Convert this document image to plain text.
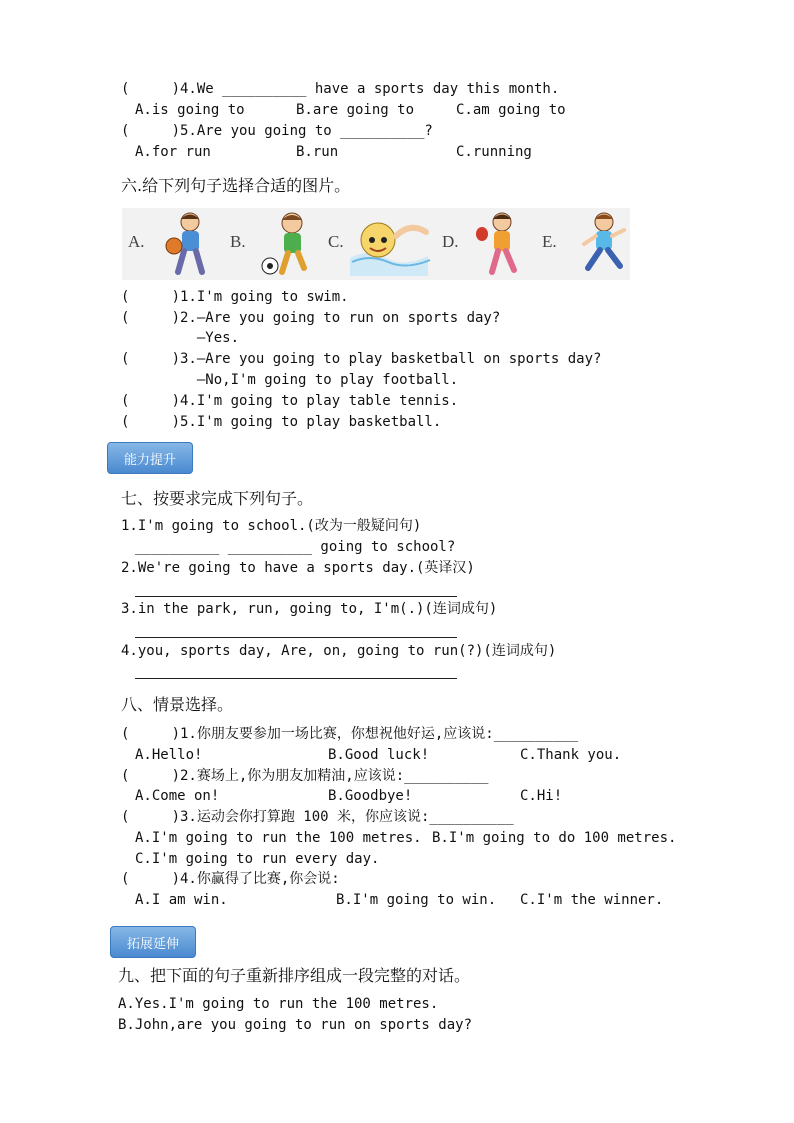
(     )4.We __________ have a sports day this month.
A.is going to	B.are going to	C.am going to
(     )5.Are you going to __________?
A.for run	B.run	C.running
六.给下列句子选择合适的图片。
A.	B.	C.	D.	E.
(     )1.I'm going to swim.
(     )2.—Are you going to run on sports day?
—Yes.
(     )3.—Are you going to play basketball on sports day?
—No,I'm going to play football.
(     )4.I'm going to play table tennis.
(     )5.I'm going to play basketball.
能力提升
七、按要求完成下列句子。
1.I'm going to school.(改为一般疑问句)
__________ __________ going to school?
2.We're going to have a sports day.(英译汉)
3.in the park, run, going to, I'm(.)(连词成句)
4.you, sports day, Are, on, going to run(?)(连词成句)
八、情景选择。
(     )1.你朋友要参加一场比赛，你想祝他好运,应该说:__________
A.Hello!	B.Good luck!	C.Thank you.
(     )2.赛场上,你为朋友加精油,应该说:__________
A.Come on!	B.Goodbye!	C.Hi!
(     )3.运动会你打算跑 100 米，你应该说:__________
A.I'm going to run the 100 metres. B.I'm going to do 100 metres.
C.I'm going to run every day.
(     )4.你赢得了比赛,你会说:
A.I am win.	B.I'm going to win. C.I'm the winner.
拓展延伸
九、把下面的句子重新排序组成一段完整的对话。
A.Yes.I'm going to run the 100 metres.
B.John,are you going to run on sports day?
